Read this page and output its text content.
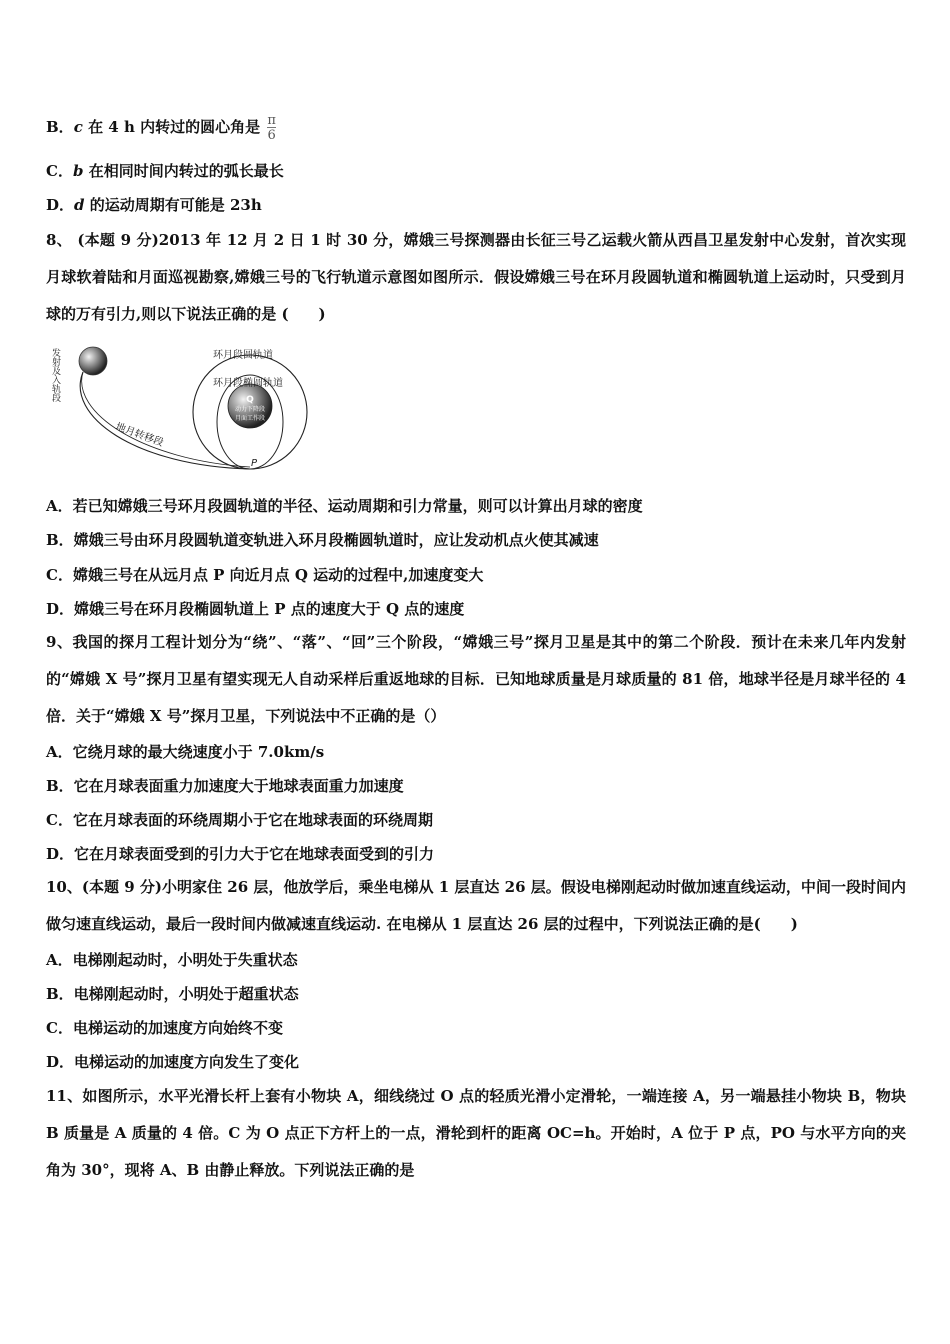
B．c 在 4 h 内转过的圆心角是 $\frac{\pi}{6}$
C．b 在相同时间内转过的弧长最长
D．d 的运动周期有可能是 23h
8、 (本题 9 分)2013 年 12 月 2 日 1 时 30 分，嫦娥三号探测器由长征三号乙运载火箭从西昌卫星发射中心发射，首次实现月球软着陆和月面巡视勘察,嫦娥三号的飞行轨道示意图如图所示．假设嫦娥三号在环月段圆轨道和椭圆轨道上运动时，只受到月球的万有引力,则以下说法正确的是 (　　)
发射及入轨段
地月转移段
环月段圆轨道
环月段椭圆轨道
Q
动力下降段
月面工作段
P
A．若已知嫦娥三号环月段圆轨道的半径、运动周期和引力常量，则可以计算出月球的密度
B．嫦娥三号由环月段圆轨道变轨进入环月段椭圆轨道时，应让发动机点火使其减速
C．嫦娥三号在从远月点 P 向近月点 Q 运动的过程中,加速度变大
D．嫦娥三号在环月段椭圆轨道上 P 点的速度大于 Q 点的速度
9、我国的探月工程计划分为“绕”、“落”、“回”三个阶段，“嫦娥三号”探月卫星是其中的第二个阶段．预计在未来几年内发射的“嫦娥 X 号”探月卫星有望实现无人自动采样后重返地球的目标．已知地球质量是月球质量的 81 倍，地球半径是月球半径的 4 倍．关于“嫦娥 X 号”探月卫星，下列说法中不正确的是（）
A．它绕月球的最大绕速度小于 7.0km/s
B．它在月球表面重力加速度大于地球表面重力加速度
C．它在月球表面的环绕周期小于它在地球表面的环绕周期
D．它在月球表面受到的引力大于它在地球表面受到的引力
10、(本题 9 分)小明家住 26 层，他放学后，乘坐电梯从 1 层直达 26 层。假设电梯刚起动时做加速直线运动，中间一段时间内做匀速直线运动，最后一段时间内做减速直线运动. 在电梯从 1 层直达 26 层的过程中，下列说法正确的是(　　)
A．电梯刚起动时，小明处于失重状态
B．电梯刚起动时，小明处于超重状态
C．电梯运动的加速度方向始终不变
D．电梯运动的加速度方向发生了变化
11、如图所示，水平光滑长杆上套有小物块 A，细线绕过 O 点的轻质光滑小定滑轮，一端连接 A，另一端悬挂小物块 B，物块 B 质量是 A 质量的 4 倍。C 为 O 点正下方杆上的一点，滑轮到杆的距离 OC=h。开始时，A 位于 P 点，PO 与水平方向的夹角为 30°，现将 A、B 由静止释放。下列说法正确的是
